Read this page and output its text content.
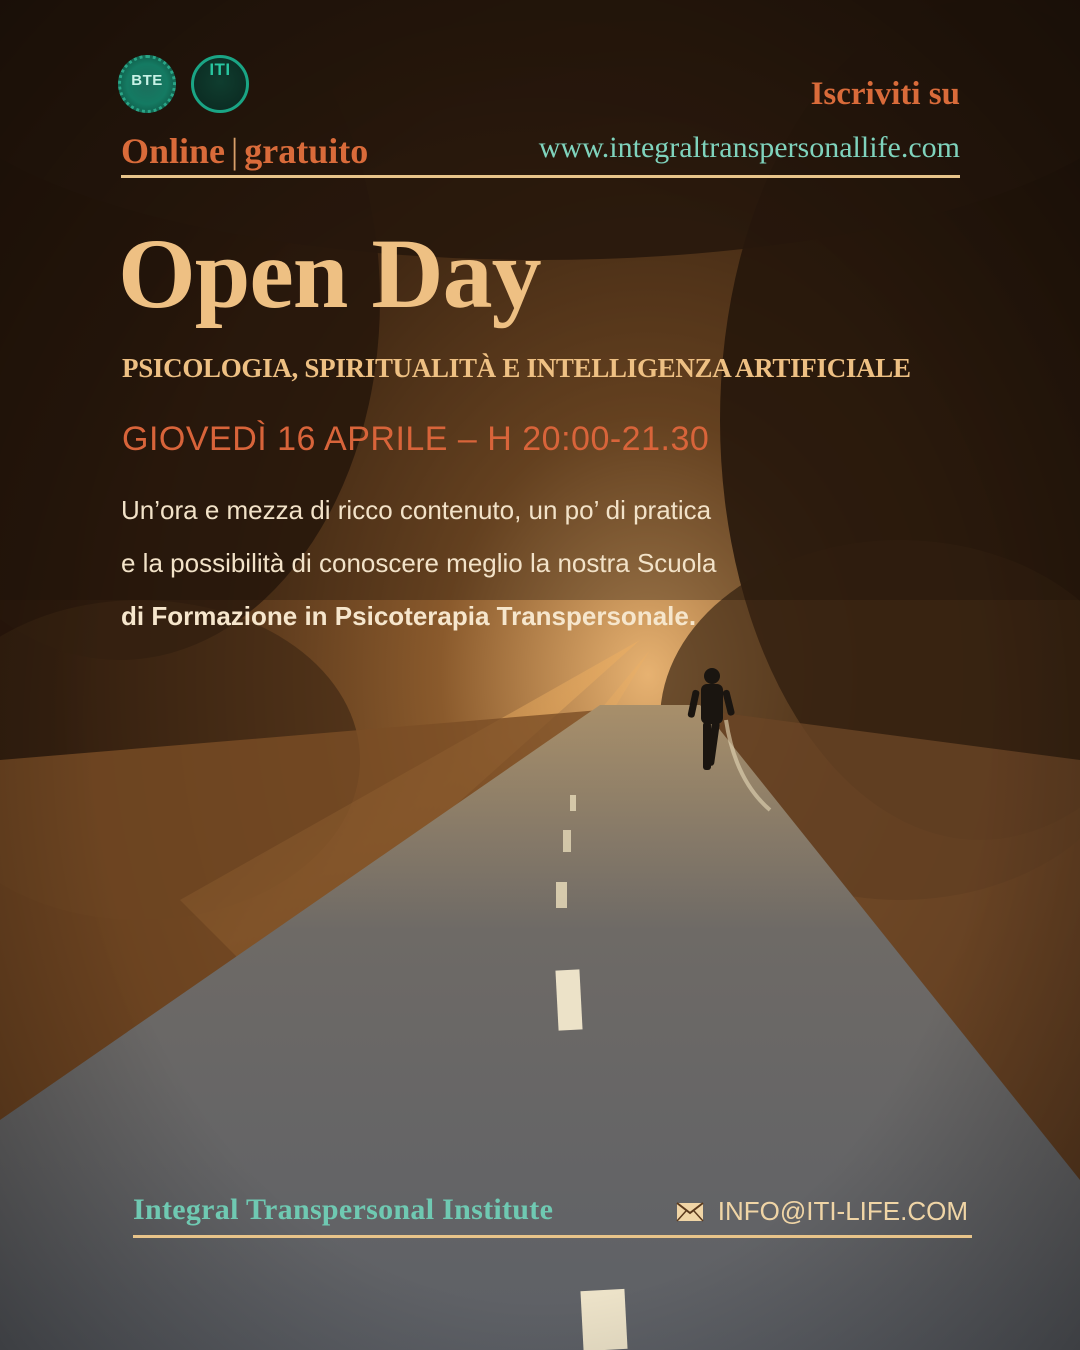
BTE
ITI
Online | gratuito
Iscriviti su
www.integraltranspersonallife.com
Open Day
PSICOLOGIA, SPIRITUALITÀ E INTELLIGENZA ARTIFICIALE
GIOVEDÌ 16 APRILE – H 20:00-21.30
Un’ora e mezza di ricco contenuto, un po’ di pratica
e la possibilità di conoscere meglio la nostra Scuola
di Formazione in Psicoterapia Transpersonale.
Integral Transpersonal Institute	INFO@ITI-LIFE.COM
